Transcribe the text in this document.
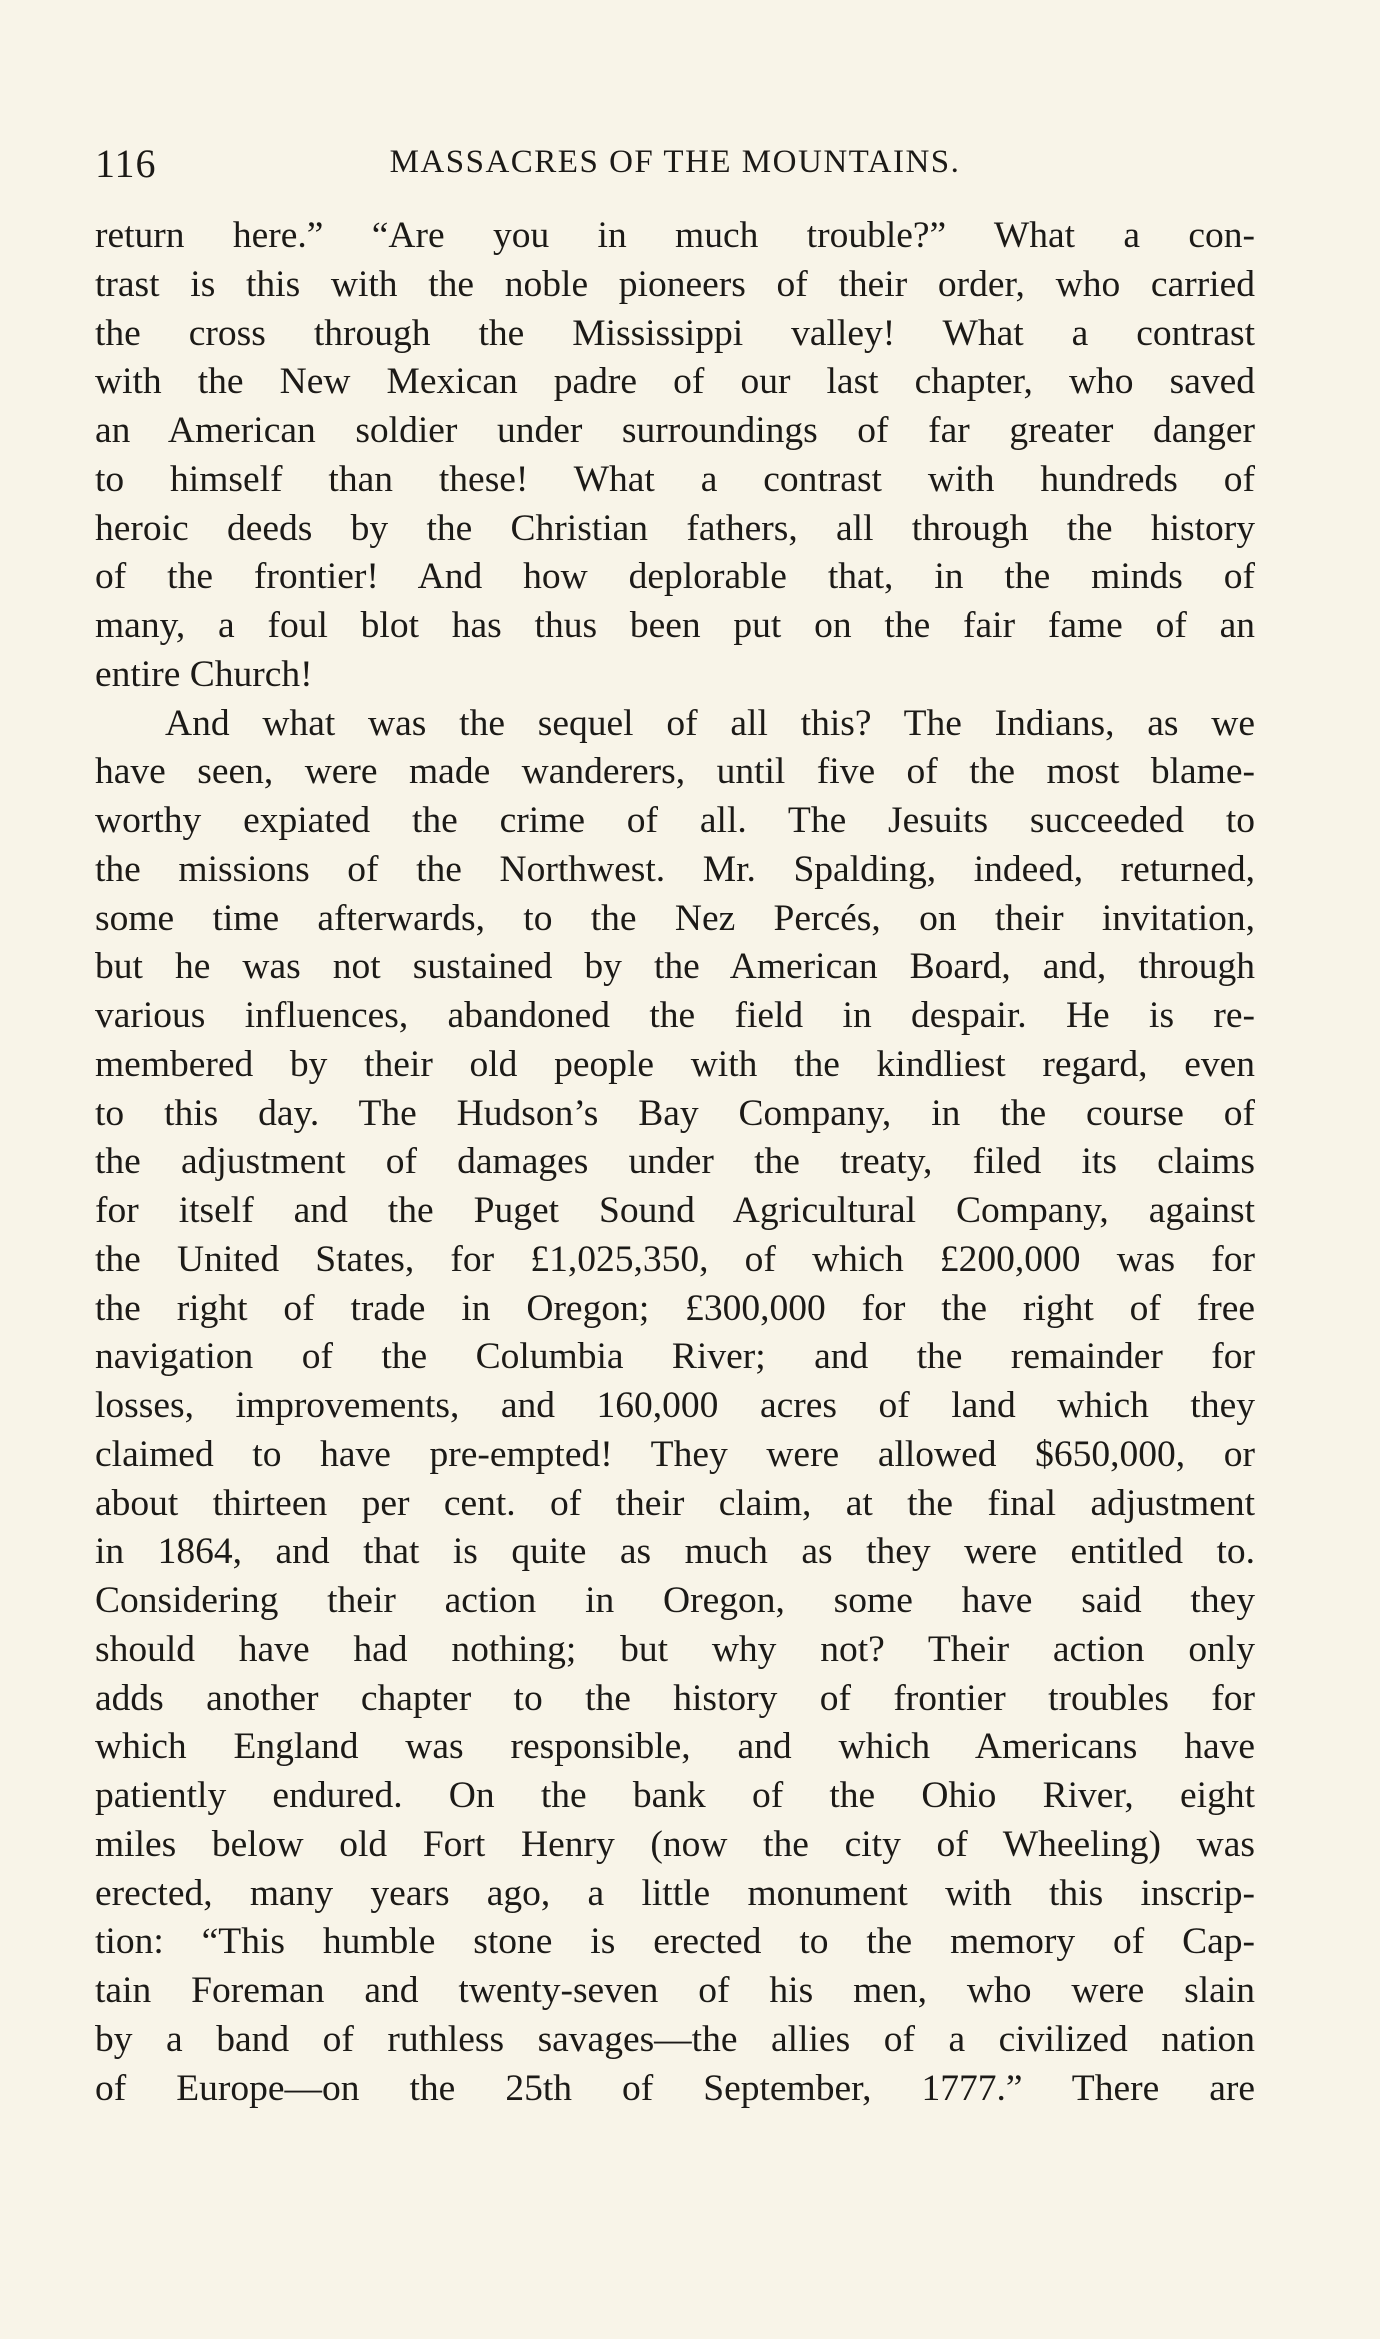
116	MASSACRES OF THE MOUNTAINS.
return here.” “Are you in much trouble?” What a con-
trast is this with the noble pioneers of their order, who carried
the cross through the Mississippi valley! What a contrast
with the New Mexican padre of our last chapter, who saved
an American soldier under surroundings of far greater danger
to himself than these! What a contrast with hundreds of
heroic deeds by the Christian fathers, all through the history
of the frontier! And how deplorable that, in the minds of
many, a foul blot has thus been put on the fair fame of an
entire Church!
And what was the sequel of all this? The Indians, as we
have seen, were made wanderers, until five of the most blame-
worthy expiated the crime of all. The Jesuits succeeded to
the missions of the Northwest. Mr. Spalding, indeed, returned,
some time afterwards, to the Nez Percés, on their invitation,
but he was not sustained by the American Board, and, through
various influences, abandoned the field in despair. He is re-
membered by their old people with the kindliest regard, even
to this day. The Hudson’s Bay Company, in the course of
the adjustment of damages under the treaty, filed its claims
for itself and the Puget Sound Agricultural Company, against
the United States, for £1,025,350, of which £200,000 was for
the right of trade in Oregon; £300,000 for the right of free
navigation of the Columbia River; and the remainder for
losses, improvements, and 160,000 acres of land which they
claimed to have pre-empted! They were allowed $650,000, or
about thirteen per cent. of their claim, at the final adjustment
in 1864, and that is quite as much as they were entitled to.
Considering their action in Oregon, some have said they
should have had nothing; but why not? Their action only
adds another chapter to the history of frontier troubles for
which England was responsible, and which Americans have
patiently endured. On the bank of the Ohio River, eight
miles below old Fort Henry (now the city of Wheeling) was
erected, many years ago, a little monument with this inscrip-
tion: “This humble stone is erected to the memory of Cap-
tain Foreman and twenty-seven of his men, who were slain
by a band of ruthless savages—the allies of a civilized nation
of Europe—on the 25th of September, 1777.” There are
